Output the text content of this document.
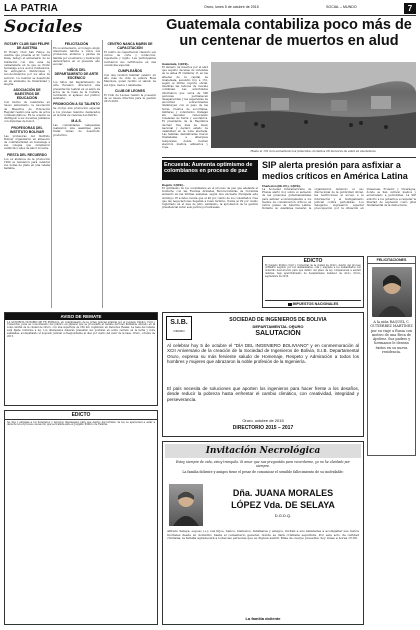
LA PATRIA	Oruro, lunes 5 de octubre de 2015	SOCIAL – MUNDO	7
Sociales
ROTARY CLUB SAN FELIPE DE AUSTRIA
El Rotary Club San Felipe de Austria que preside el Sr. Carlos Daza, festejó el aniversario de su fundación con una cena de camaradería en la que se rindió homenaje a los socios fundadores. Se entregaron distinciones y reconocimientos por los años de servicio. La reunión se desarrolló en un ambiente de fraternidad y alegría.
ASOCIACIÓN DE MAESTROS DE EDUCACIÓN
Con motivo de celebrarse un nuevo aniversario, la Asociación de Maestros de Educación Regular realizó una serie de actos conmemorativos. En la ocasión se distinguió a los docentes jubilados con diplomas de honor.
PROFESORAS DEL INSTITUTO BOLÍVAR
Las profesoras del Instituto Bolívar organizaron un almuerzo de confraternidad en homenaje a sus colegas que cumplieron veinticinco años de labor docente.
FIESTA DEL RECUERDO
Los ex alumnos de la promoción 1990 se reunieron para celebrar sus bodas de plata en una velada bailable.
FELICITACIÓN
En su aniversario, el Colegio Anglo Americano felicita a todos sus profesores, alumnos y padres de familia por el esfuerzo y dedicación demostrados en el presente año escolar.
NIÑOS DEL DEPARTAMENTO DE ARTE ESCÉNICO
Los niños del Departamento de Arte Escénico ofrecieron una presentación teatral en el salón de actos de la Casa de la Cultura, recibiendo el aplauso del público asistente.
PROMOCIÓN A SU TALENTO
Se otorgó una promoción especial a los jóvenes talentos destacados en la feria de ciencias del distrito.
M.A.S.
Las comunidades campesinas realizaron una asamblea para tratar temas de desarrollo productivo.
CENTRO NANCA MARIN DE CAPACITACIÓN
El centro de capacitación clausuró sus cursos de corte y confección, repostería y tejido. Las participantes recibieron sus certificados en una ceremonia especial.
CUMPLEAÑOS
Con una reunión familiar celebró un año más de vida la señora Rosa Mendoza, quien recibió el saludo de sus hijos, nietos y amistades.
CLUB DE LEONES
El Club de Leones realizó la posesión de su nueva directiva para la gestión 2015-2016.
AVISO DE REMATE
LA SUSCRITA NOTARIO DE FE PÚBLICA, en cumplimiento de la orden judicial emitida por el Juzgado Público Civil y Comercial, pone en conocimiento del público en general que se procederá al remate del bien inmueble ubicado en la zona central de la ciudad de Oruro, con una superficie de 250 m2, registrado en Derechos Reales. La base del remate será fijada conforme a ley. Los interesados deberán presentar sus posturas en sobre cerrado en la fecha y hora señaladas, acompañando el depósito judicial correspondiente al diez por ciento del valor de la base. Oruro, octubre de 2015.
EDICTO
Se cita y emplaza a los herederos y terceros interesados para que dentro del término de ley se apersonen a estar a derecho en el proceso sucesorio que se tramita ante el Juzgado Público de Familia.
Guatemala contabiliza poco más de un centenar de muertos en alud
Guatemala, 4 (EFE).-
El número de muertos por el alud que sepultó decenas de viviendas en la aldea El Cambray II, en las afueras de la capital de Guatemala, ascendió hoy a 131, según el último reporte oficial, mientras las labores de rescate continúan. Las autoridades informaron que cerca de 300 personas permanecen desaparecidas y las esperanzas de encontrar sobrevivientes disminuyen con el paso de las horas. Cientos de socorristas, militares y voluntarios trabajan sin descanso removiendo toneladas de tierra y escombros. El presidente de la República decretó tres días de duelo nacional y declaró estado de calamidad en la zona afectada. Las familias damnificadas fueron trasladadas a albergues temporales donde reciben atención médica, alimentos y ropa.
Hasta el 131 han aumentado los fallecidos, incluidos 26 menores de edad en Guatemala.
Encuesta: Aumenta optimismo de colombianos en proceso de paz
Bogotá, 4 (EFE).-
El optimismo de los colombianos en el proceso de paz que adelanta el Gobierno con las Fuerzas Armadas Revolucionarias de Colombia aumentó en las últimas semanas, según una encuesta divulgada este domingo. El sondeo revela que el 46 por ciento de los consultados cree que las negociaciones llegarán a buen término, frente al 29 por ciento registrado en el mes de julio. Asimismo, la aprobación de la gestión presidencial subió seis puntos porcentuales.
SIP alerta presión para asfixiar a medios críticos en América Latina
Charleston (EE.UU.), 4 (EFE).-
La Sociedad Interamericana de Prensa alertó hoy sobre el aumento de las presiones gubernamentales para asfixiar económicamente a los medios de comunicación críticos en varios países de América Latina. Durante su Asamblea General, la organización denunció el uso discrecional de la publicidad oficial, las restricciones al acceso a la información y el hostigamiento judicial contra periodistas. Los delegados expresaron especial preocupación por la situación en Venezuela, Ecuador y Nicaragua, donde se han cerrado medios y encarcelado a periodistas. La SIP exhortó a los gobiernos a respetar la libertad de expresión como pilar fundamental de la democracia.
EDICTO
El Juzgado Público Civil y Comercial de la ciudad de Oruro, dentro del proceso ordinario seguido por los demandantes, cita y emplaza a los demandados con domicilio desconocido para que dentro del plazo de ley comparezcan a asumir defensa, bajo apercibimiento de designárseles defensor de oficio. Oruro, septiembre de 2015.
IMPUESTOS NACIONALES
FELICITACIONES
A la niña RAQUEL C. GUTIÉRREZ MARTÍNEZ por su viaje a Rusia con motivo de una Beca de Ajedrez. Sus padres y hermanos le desean éxitos en su nueva residencia.
S.I.B.
ORURO
SOCIEDAD DE INGENIEROS DE BOLIVIA
DEPARTAMENTAL ORURO
SALUTACIÓN
Al celebrar hoy 5 de octubre el "DÍA DEL INGENIERO BOLIVIANO" y en conmemoración al XCII Aniversario de la creación de la Sociedad de Ingenieros de Bolivia, S.I.B. Departamental Oruro, expresa su más ferviente saludo de Homenaje, Respeto y Admiración a todos los hombres y mujeres que abrazaron la noble profesión de la Ingeniería.
El país necesita de soluciones que aporten los ingenieros para hacer frente a los desafíos, desde reducir la pobreza hasta enfrentar el cambio climático, con creatividad, integridad y perseverancia.
Oruro, octubre de 2015
DIRECTORIO 2015 – 2017
Invitación Necrológica
Estoy siempre de vida, estoy tranquilo. Si amor que nos preguntáis para recordarme, yo no he olvidado por siempre.
La familia doliente y amigos tiene el pesar de comunicar el sensible fallecimiento de su inolvidable:
Dña. JUANA MORALES
LÓPEZ Vda. DE SELAYA
D.G.D.Q.
Alfredo Selaya, esposo (+); sus hijos, nietos, bisnietos, familiares y amigos, invitan a sus amistades a acompañar sus restos mortales desde su domicilio hasta el cementerio general, donde se dará cristiana sepultura. Por este acto de caridad cristiana, la familia agradecerá a todas las personas que se dignen asistir. Misa de cuerpo presente: hoy lunes a horas 15:00.
La familia doliente
